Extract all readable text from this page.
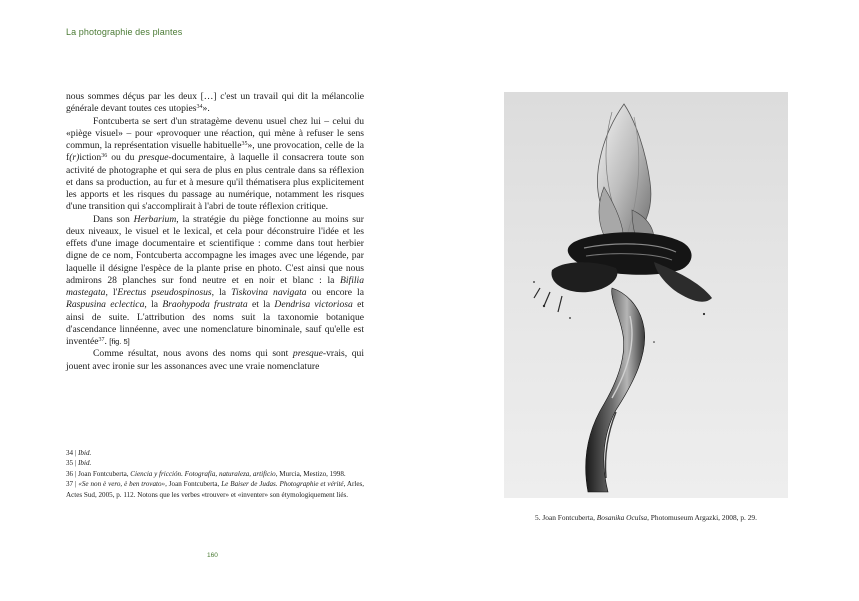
La photographie des plantes

nous sommes déçus par les deux […] c'est un travail qui dit la mélancolie générale devant toutes ces utopies$^{34}$».

Fontcuberta se sert d'un stratagème devenu usuel chez lui – celui du «piège visuel» – pour «provoquer une réaction, qui mène à refuser le sens commun, la représentation visuelle habituelle$^{35}$», une provocation, celle de la f(r)iction$^{36}$ ou du presque-documentaire, à laquelle il consacrera toute son activité de photographe et qui sera de plus en plus centrale dans sa réflexion et dans sa production, au fur et à mesure qu'il thématisera plus explicitement les apports et les risques du passage au numérique, notamment les risques d'une transition qui s'accomplirait à l'abri de toute réflexion critique.

Dans son Herbarium, la stratégie du piège fonctionne au moins sur deux niveaux, le visuel et le lexical, et cela pour déconstruire l'idée et les effets d'une image documentaire et scientifique : comme dans tout herbier digne de ce nom, Fontcuberta accompagne les images avec une légende, par laquelle il désigne l'espèce de la plante prise en photo. C'est ainsi que nous admirons 28 planches sur fond neutre et en noir et blanc : la Bifilia mastegata, l'Erectus pseudospinosus, la Tiskovina navigata ou encore la Raspusina eclectica, la Braohypoda frustrata et la Dendrisa victoriosa et ainsi de suite. L'attribution des noms suit la taxonomie botanique d'ascendance linnéenne, avec une nomenclature binominale, sauf qu'elle est inventée$^{37}$. [fig. 5]

Comme résultat, nous avons des noms qui sont presque-vrais, qui jouent avec ironie sur les assonances avec une vraie nomenclature

34 | Ibid.
35 | Ibid.
36 | Joan Fontcuberta, Ciencia y fricción. Fotografía, naturaleza, artificio, Murcia, Mestizo, 1998.
37 | «Se non è vero, è ben trovato», Joan Fontcuberta, Le Baiser de Judas. Photographie et vérité, Arles, Actes Sud, 2005, p. 112. Notons que les verbes «trouver» et «inventer» son étymologiquement liés.
160
5. Joan Fontcuberta, Bosanika Oculsa, Photomuseum Argazki, 2008, p. 29.
